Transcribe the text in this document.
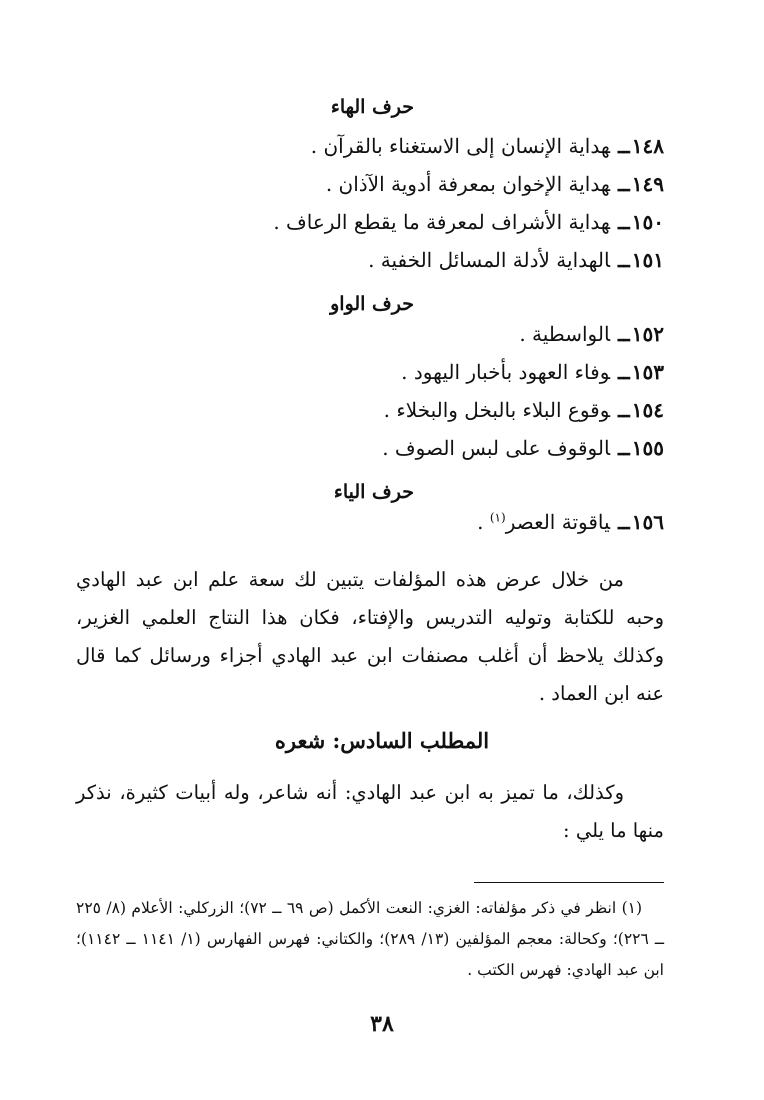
حرف الهاء
١٤٨ــهداية الإنسان إلى الاستغناء بالقرآن .
١٤٩ــهداية الإخوان بمعرفة أدوية الآذان .
١٥٠ــهداية الأشراف لمعرفة ما يقطع الرعاف .
١٥١ــالهداية لأدلة المسائل الخفية .
حرف الواو
١٥٢ــالواسطية .
١٥٣ــوفاء العهود بأخبار اليهود .
١٥٤ــوقوع البلاء بالبخل والبخلاء .
١٥٥ــالوقوف على لبس الصوف .
حرف الياء
١٥٦ــياقوتة العصر$^{(١)}$ .

من خلال عرض هذه المؤلفات يتبين لك سعة علم ابن عبد الهادي وحبه للكتابة وتوليه التدريس والإفتاء، فكان هذا النتاج العلمي الغزير، وكذلك يلاحظ أن أغلب مصنفات ابن عبد الهادي أجزاء ورسائل كما قال عنه ابن العماد .

المطلب السادس: شعره

وكذلك، ما تميز به ابن عبد الهادي: أنه شاعر، وله أبيات كثيرة، نذكر منها ما يلي :

(١) انظر في ذكر مؤلفاته: الغزي: النعت الأكمل (ص ٦٩ ــ ٧٢)؛ الزركلي: الأعلام (٨/ ٢٢٥ ــ ٢٢٦)؛ وكحالة: معجم المؤلفين (١٣/ ٢٨٩)؛ والكتاني: فهرس الفهارس (١/ ١١٤١ ــ ١١٤٢)؛ ابن عبد الهادي: فهرس الكتب .

٣٨
